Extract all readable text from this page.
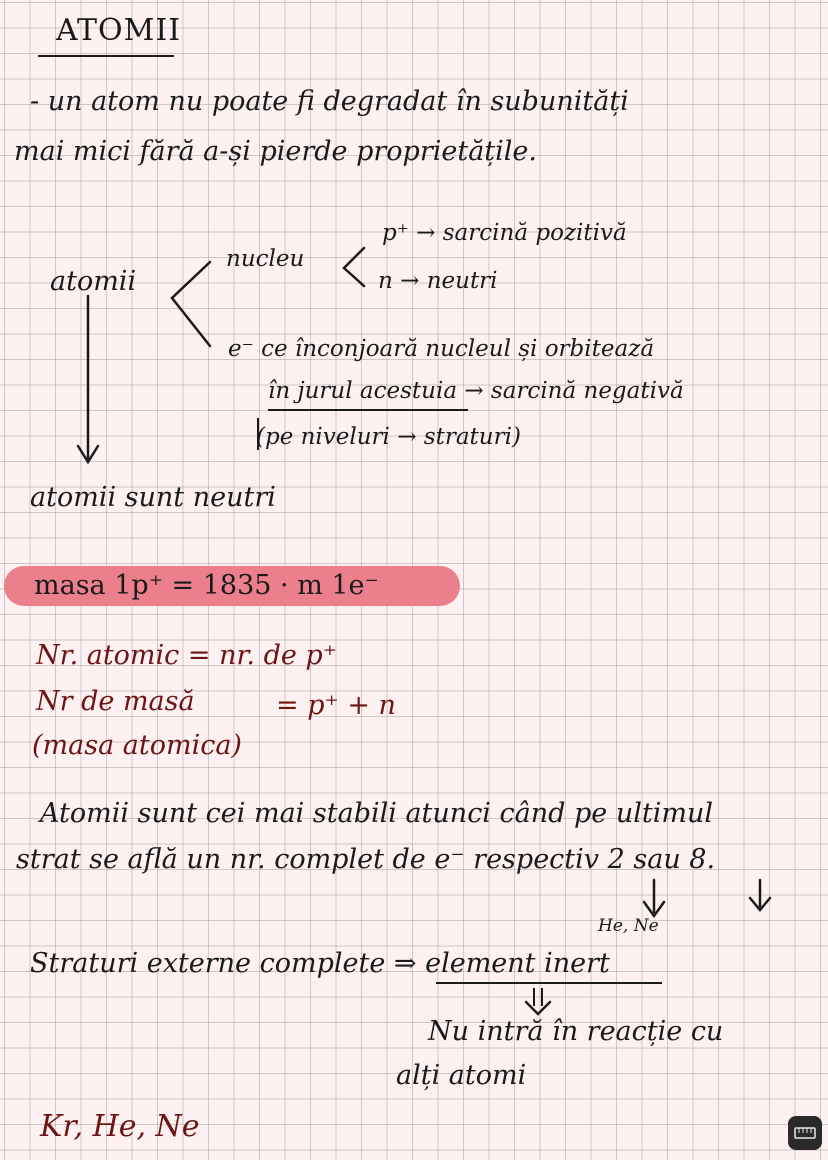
ATOMII
- un atom nu poate fi degradat în subunități
mai mici fără a-și pierde proprietățile.
atomii
nucleu
p⁺ → sarcină pozitivă
n → neutri
e⁻ ce înconjoară nucleul și orbitează
în jurul acestuia → sarcină negativă
(pe niveluri → straturi)
atomii sunt neutri
masa 1p⁺ = 1835 · m 1e⁻
Nr. atomic = nr. de p⁺
Nr de masă	= p⁺ + n
(masa atomica)
Atomii sunt cei mai stabili atunci când pe ultimul
strat se află un nr. complet de e⁻ respectiv 2 sau 8.
He, Ne
Straturi externe complete ⇒ element inert
Nu intră în reacție cu
alți atomi
Kr, He, Ne
